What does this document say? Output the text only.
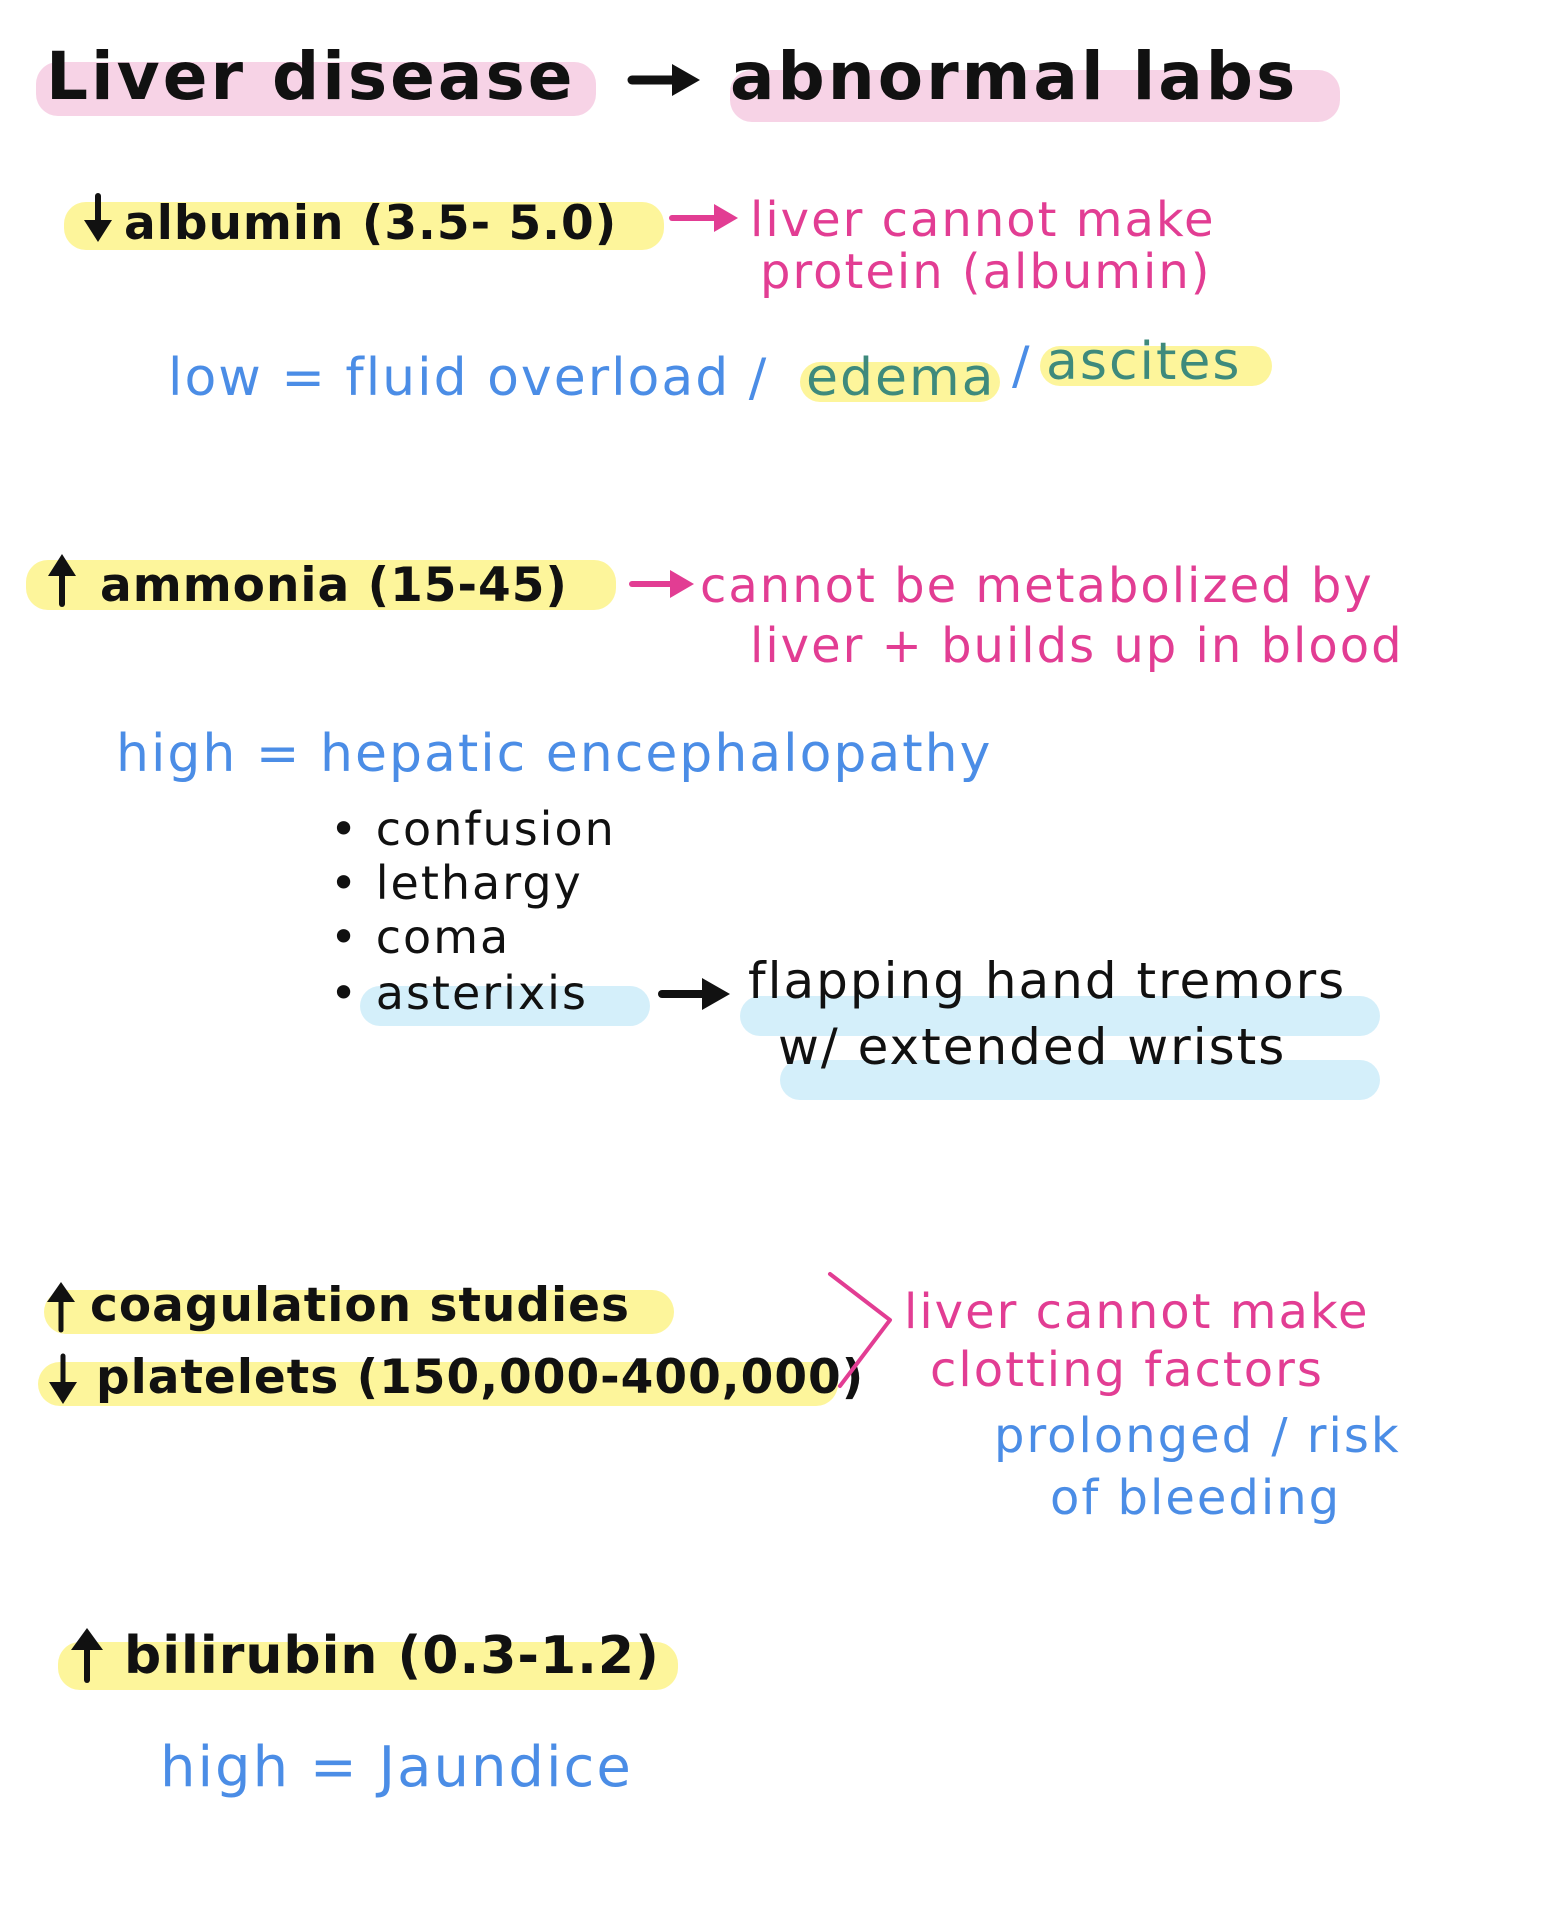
Liver disease abnormal labs
albumin (3.5- 5.0)	liver cannot make
protein (albumin)
low = fluid overload / edema / ascites
ammonia (15-45)	cannot be metabolized by
liver + builds up in blood
high = hepatic encephalopathy
• confusion
• lethargy
• coma
• asterixis	flapping hand tremors
w/ extended wrists
coagulation studies
platelets (150,000-400,000)
liver cannot make
clotting factors
prolonged / risk
of bleeding
bilirubin (0.3-1.2)
high = Jaundice
